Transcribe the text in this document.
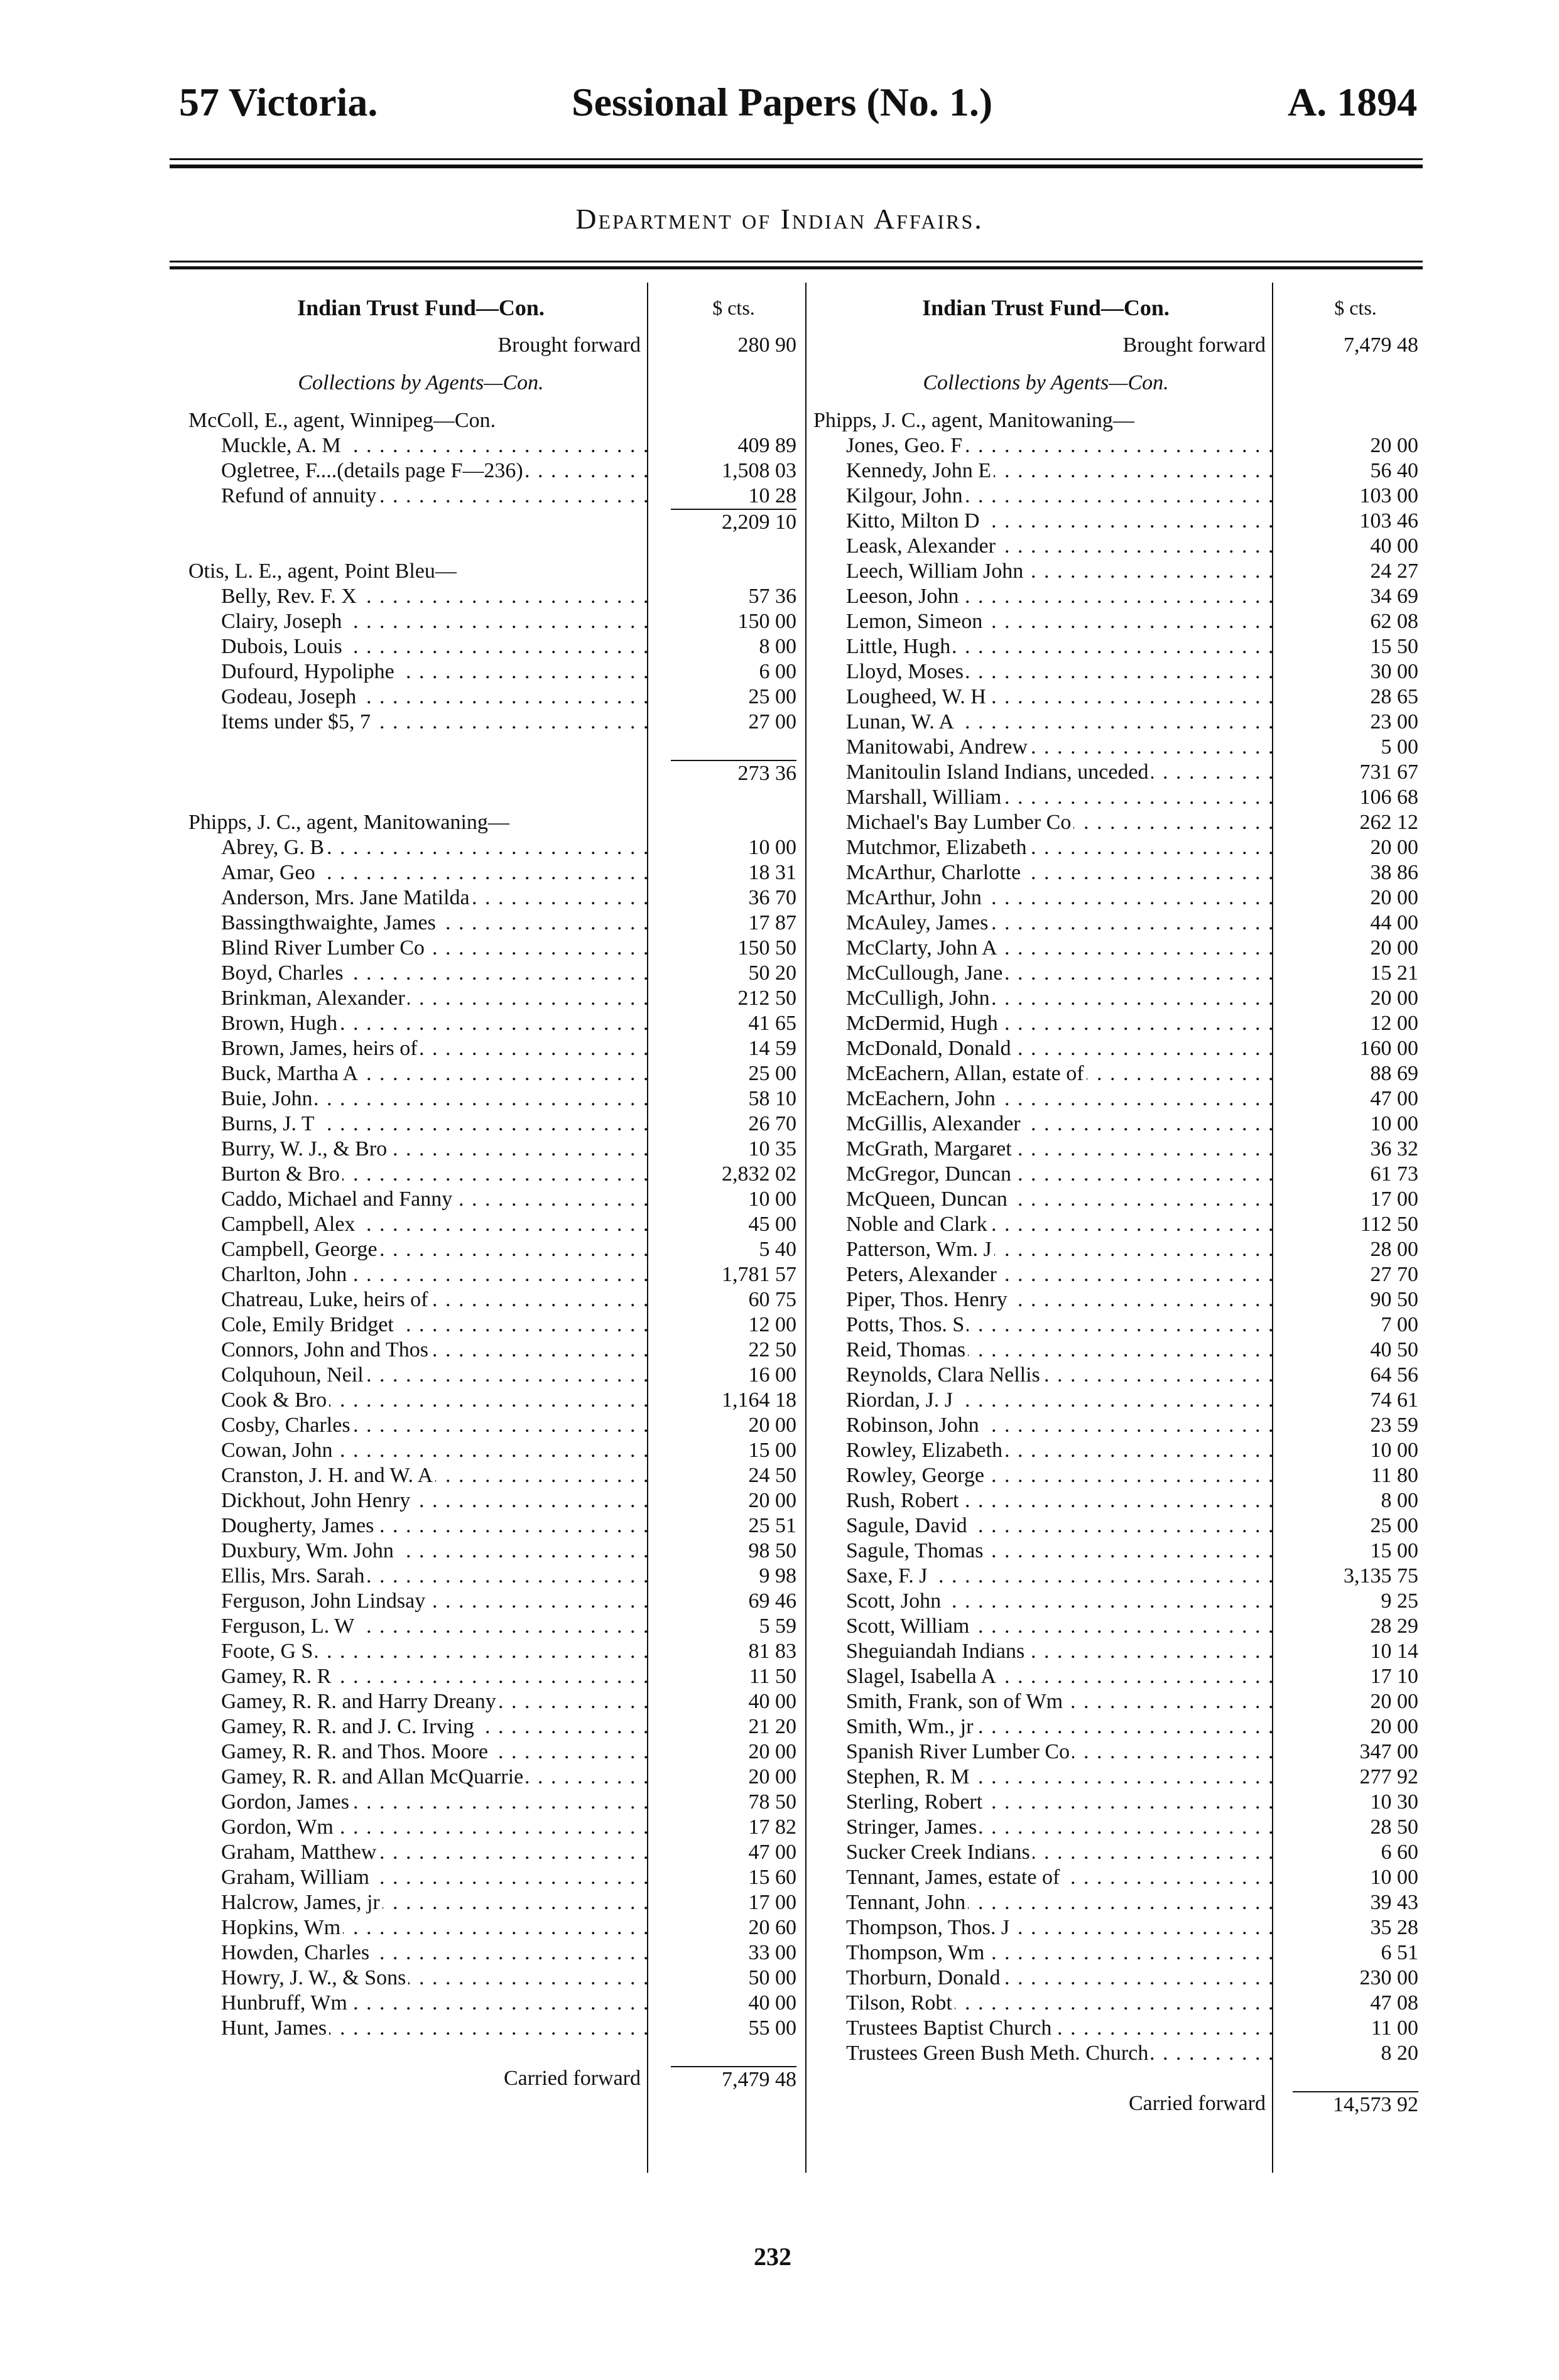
57 Victoria.	Sessional Papers (No. 1.)	A. 1894
Department of Indian Affairs.
Indian Trust Fund—Con.	$ cts.
Brought forward	280 90
Collections by Agents—Con.
McColl, E., agent, Winnipeg—Con.
Muckle, A. M . . .	409 89
Ogletree, F....(details page F—236) . . .	1,508 03
Refund of annuity . . .	10 28
2,209 10
Otis, L. E., agent, Point Bleu—
Belly, Rev. F. X . . .	57 36
Clairy, Joseph . . .	150 00
Dubois, Louis . . .	8 00
Dufourd, Hypoliphe . . .	6 00
Godeau, Joseph . . .	25 00
Items under $5, 7 . . .	27 00
273 36
Phipps, J. C., agent, Manitowaning—
Abrey, G. B . . .	10 00
Amar, Geo . . .	18 31
Anderson, Mrs. Jane Matilda . . .	36 70
Bassingthwaighte, James . . .	17 87
Blind River Lumber Co . . .	150 50
Boyd, Charles . . .	50 20
Brinkman, Alexander . . .	212 50
Brown, Hugh . . .	41 65
Brown, James, heirs of . . .	14 59
Buck, Martha A . . .	25 00
Buie, John . . .	58 10
Burns, J. T . . .	26 70
Burry, W. J., & Bro . . .	10 35
Burton & Bro . . .	2,832 02
Caddo, Michael and Fanny . . .	10 00
Campbell, Alex . . .	45 00
Campbell, George . . .	5 40
Charlton, John . . .	1,781 57
Chatreau, Luke, heirs of . . .	60 75
Cole, Emily Bridget . . .	12 00
Connors, John and Thos . . .	22 50
Colquhoun, Neil . . .	16 00
Cook & Bro . . .	1,164 18
Cosby, Charles . . .	20 00
Cowan, John . . .	15 00
Cranston, J. H. and W. A . . .	24 50
Dickhout, John Henry . . .	20 00
Dougherty, James . . .	25 51
Duxbury, Wm. John . . .	98 50
Ellis, Mrs. Sarah . . .	9 98
Ferguson, John Lindsay . . .	69 46
Ferguson, L. W . . .	5 59
Foote, G S . . .	81 83
Gamey, R. R . . .	11 50
Gamey, R. R. and Harry Dreany . . .	40 00
Gamey, R. R. and J. C. Irving . . .	21 20
Gamey, R. R. and Thos. Moore . . .	20 00
Gamey, R. R. and Allan McQuarrie . . .	20 00
Gordon, James . . .	78 50
Gordon, Wm . . .	17 82
Graham, Matthew . . .	47 00
Graham, William . . .	15 60
Halcrow, James, jr . . .	17 00
Hopkins, Wm . . .	20 60
Howden, Charles . . .	33 00
Howry, J. W., & Sons . . .	50 00
Hunbruff, Wm . . .	40 00
Hunt, James . . .	55 00
Carried forward	7,479 48
Indian Trust Fund—Con.	$ cts.
Brought forward	7,479 48
Collections by Agents—Con.
Phipps, J. C., agent, Manitowaning—
Jones, Geo. F . . .	20 00
Kennedy, John E . . .	56 40
Kilgour, John . . .	103 00
Kitto, Milton D . . .	103 46
Leask, Alexander . . .	40 00
Leech, William John . . .	24 27
Leeson, John . . .	34 69
Lemon, Simeon . . .	62 08
Little, Hugh . . .	15 50
Lloyd, Moses . . .	30 00
Lougheed, W. H . . .	28 65
Lunan, W. A . . .	23 00
Manitowabi, Andrew . . .	5 00
Manitoulin Island Indians, unceded . . .	731 67
Marshall, William . . .	106 68
Michael's Bay Lumber Co . . .	262 12
Mutchmor, Elizabeth . . .	20 00
McArthur, Charlotte . . .	38 86
McArthur, John . . .	20 00
McAuley, James . . .	44 00
McClarty, John A . . .	20 00
McCullough, Jane . . .	15 21
McCulligh, John . . .	20 00
McDermid, Hugh . . .	12 00
McDonald, Donald . . .	160 00
McEachern, Allan, estate of . . .	88 69
McEachern, John . . .	47 00
McGillis, Alexander . . .	10 00
McGrath, Margaret . . .	36 32
McGregor, Duncan . . .	61 73
McQueen, Duncan . . .	17 00
Noble and Clark . . .	112 50
Patterson, Wm. J . . .	28 00
Peters, Alexander . . .	27 70
Piper, Thos. Henry . . .	90 50
Potts, Thos. S . . .	7 00
Reid, Thomas . . .	40 50
Reynolds, Clara Nellis . . .	64 56
Riordan, J. J . . .	74 61
Robinson, John . . .	23 59
Rowley, Elizabeth . . .	10 00
Rowley, George . . .	11 80
Rush, Robert . . .	8 00
Sagule, David . . .	25 00
Sagule, Thomas . . .	15 00
Saxe, F. J . . .	3,135 75
Scott, John . . .	9 25
Scott, William . . .	28 29
Sheguiandah Indians . . .	10 14
Slagel, Isabella A . . .	17 10
Smith, Frank, son of Wm . . .	20 00
Smith, Wm., jr . . .	20 00
Spanish River Lumber Co . . .	347 00
Stephen, R. M . . .	277 92
Sterling, Robert . . .	10 30
Stringer, James . . .	28 50
Sucker Creek Indians . . .	6 60
Tennant, James, estate of . . .	10 00
Tennant, John . . .	39 43
Thompson, Thos. J . . .	35 28
Thompson, Wm . . .	6 51
Thorburn, Donald . . .	230 00
Tilson, Robt . . .	47 08
Trustees Baptist Church . . .	11 00
Trustees Green Bush Meth. Church . . .	8 20
Carried forward	14,573 92
232
